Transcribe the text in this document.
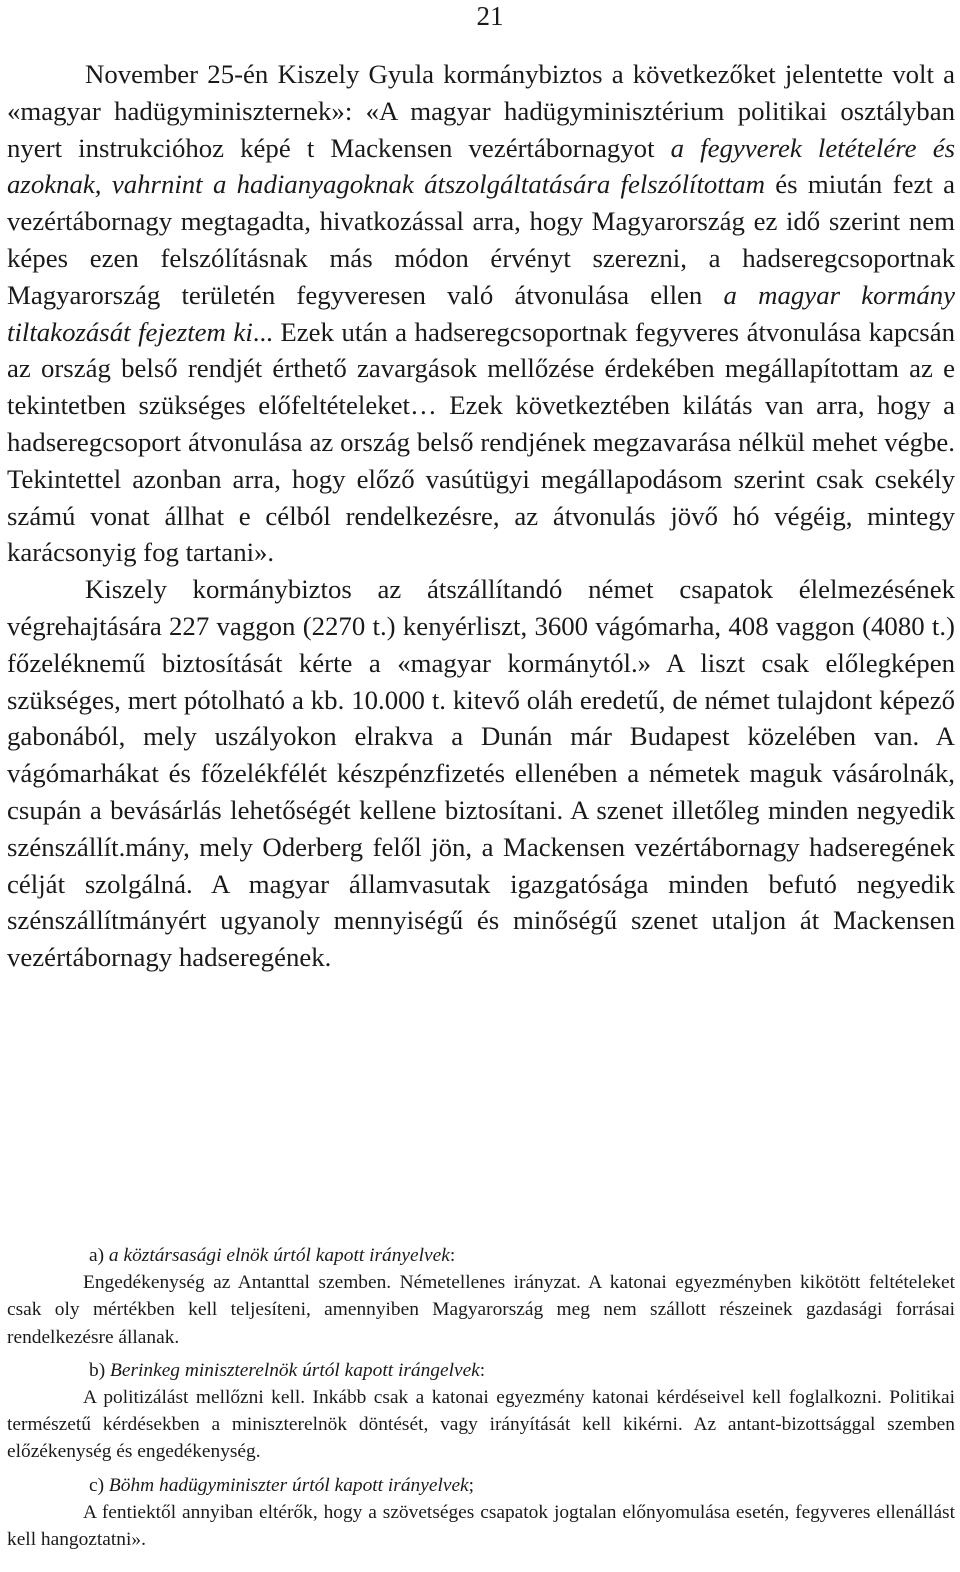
21

November 25-én Kiszely Gyula kormánybiztos a következőket jelentette volt a «magyar hadügyminiszternek»: «A magyar hadügyminisztérium politikai osztályban nyert instrukcióhoz képé t Mackensen vezértábornagyot a fegyverek letételére és azoknak, vahrnint a hadianyagoknak átszolgáltatására felszólítottam és miután fezt a vezértábornagy megtagadta, hivatkozással arra, hogy Magyarország ez idő szerint nem képes ezen felszólításnak más módon érvényt szerezni, a hadseregcsoportnak Magyarország területén fegyveresen való átvonulása ellen a magyar kormány tiltakozását fejeztem ki... Ezek után a hadseregcsoportnak fegyveres átvonulása kapcsán az ország belső rendjét érthető zavargások mellőzése érdekében megállapítottam az e tekintetben szükséges előfeltételeket… Ezek következtében kilátás van arra, hogy a hadseregcsoport átvonulása az ország belső rendjének megzavarása nélkül mehet végbe. Tekintettel azonban arra, hogy előző vasútügyi megállapodásom szerint csak csekély számú vonat állhat e célból rendelkezésre, az átvonulás jövő hó végéig, mintegy karácsonyig fog tartani».

Kiszely kormánybiztos az átszállítandó német csapatok élelmezésének végrehajtására 227 vaggon (2270 t.) kenyérliszt, 3600 vágómarha, 408 vaggon (4080 t.) főzeléknemű biztosítását kérte a «magyar kormánytól.» A liszt csak előlegképen szükséges, mert pótolható a kb. 10.000 t. kitevő oláh eredetű, de német tulajdont képező gabonából, mely uszályokon elrakva a Dunán már Budapest közelében van. A vágómarhákat és főzelékfélét készpénzfizetés ellenében a németek maguk vásárolnák, csupán a bevásárlás lehetőségét kellene biztosítani. A szenet illetőleg minden negyedik szénszállít.mány, mely Oderberg felől jön, a Mackensen vezértábornagy hadseregének célját szolgálná. A magyar államvasutak igazgatósága minden befutó negyedik szénszállítmányért ugyanoly mennyiségű és minőségű szenet utaljon át Mackensen vezértábornagy hadseregének.

a) a köztársasági elnök úrtól kapott irányelvek:

Engedékenység az Antanttal szemben. Németellenes irányzat. A katonai egyezményben kikötött feltételeket csak oly mértékben kell teljesíteni, amennyiben Magyarország meg nem szállott részeinek gazdasági forrásai rendelkezésre állanak.

b) Berinkeg miniszterelnök úrtól kapott irángelvek:

A politizálást mellőzni kell. Inkább csak a katonai egyezmény katonai kérdéseivel kell foglalkozni. Politikai természetű kérdésekben a miniszterelnök döntését, vagy irányítását kell kikérni. Az antant-bizottsággal szemben előzékenység és engedékenység.

c) Böhm hadügyminiszter úrtól kapott irányelvek;

A fentiektől annyiban eltérők, hogy a szövetséges csapatok jogtalan előnyomulása esetén, fegyveres ellenállást kell hangoztatni».
